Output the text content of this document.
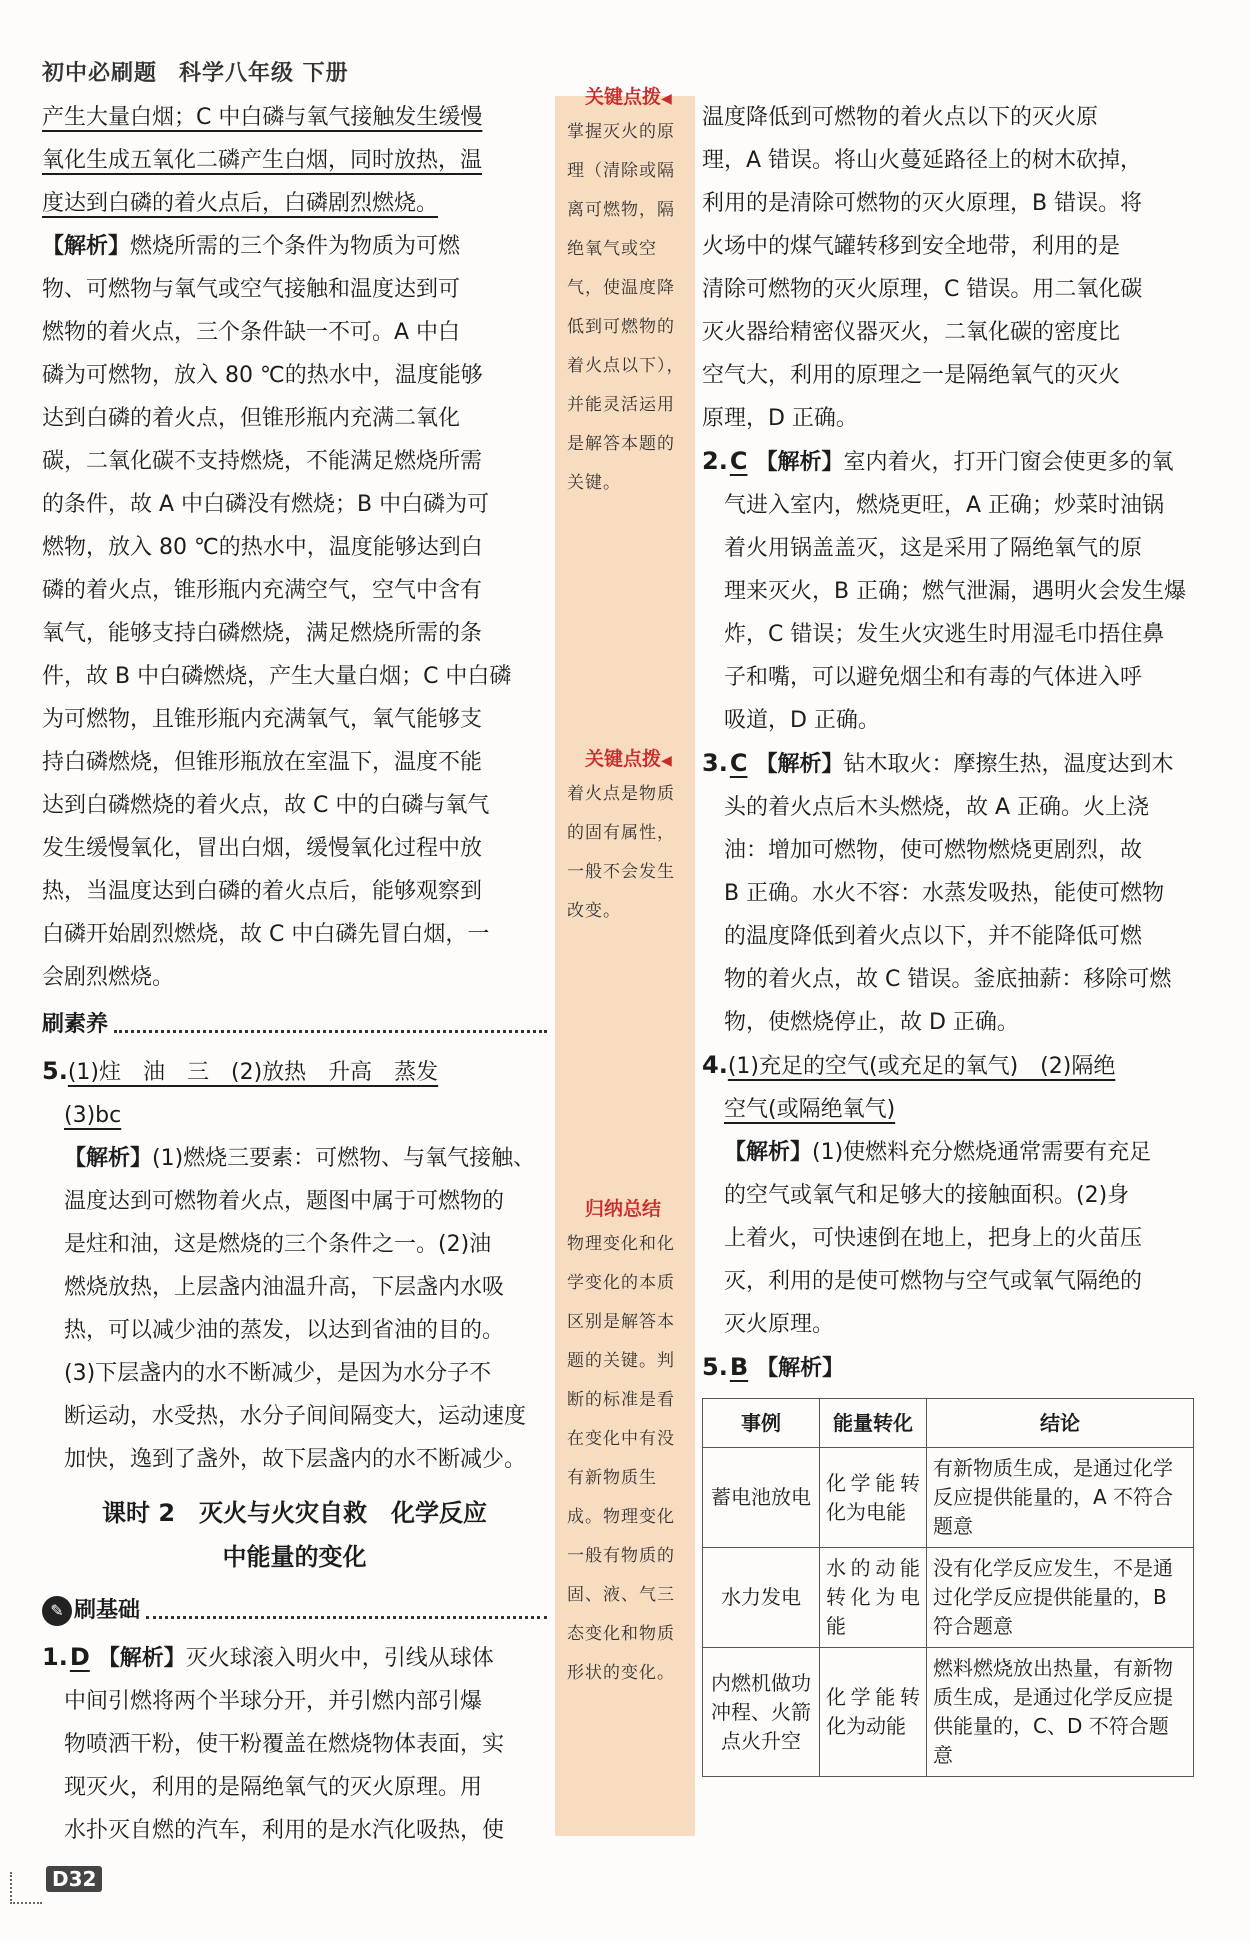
初中必刷题 科学八年级 下册
产生大量白烟；C 中白磷与氧气接触发生缓慢
氧化生成五氧化二磷产生白烟，同时放热，温
度达到白磷的着火点后，白磷剧烈燃烧。
【解析】燃烧所需的三个条件为物质为可燃
物、可燃物与氧气或空气接触和温度达到可
燃物的着火点，三个条件缺一不可。A 中白
磷为可燃物，放入 80 ℃的热水中，温度能够
达到白磷的着火点，但锥形瓶内充满二氧化
碳，二氧化碳不支持燃烧，不能满足燃烧所需
的条件，故 A 中白磷没有燃烧；B 中白磷为可
燃物，放入 80 ℃的热水中，温度能够达到白
磷的着火点，锥形瓶内充满空气，空气中含有
氧气，能够支持白磷燃烧，满足燃烧所需的条
件，故 B 中白磷燃烧，产生大量白烟；C 中白磷
为可燃物，且锥形瓶内充满氧气，氧气能够支
持白磷燃烧，但锥形瓶放在室温下，温度不能
达到白磷燃烧的着火点，故 C 中的白磷与氧气
发生缓慢氧化，冒出白烟，缓慢氧化过程中放
热，当温度达到白磷的着火点后，能够观察到
白磷开始剧烈燃烧，故 C 中白磷先冒白烟，一
会剧烈燃烧。
刷素养
5.(1)炷　油　三　(2)放热　升高　蒸发
(3)bc
【解析】(1)燃烧三要素：可燃物、与氧气接触、
温度达到可燃物着火点，题图中属于可燃物的
是炷和油，这是燃烧的三个条件之一。(2)油
燃烧放热，上层盏内油温升高，下层盏内水吸
热，可以减少油的蒸发，以达到省油的目的。
(3)下层盏内的水不断减少，是因为水分子不
断运动，水受热，水分子间间隔变大，运动速度
加快，逸到了盏外，故下层盏内的水不断减少。
课时 2　灭火与火灾自救　化学反应
中能量的变化
✎ 刷基础
1.D 【解析】灭火球滚入明火中，引线从球体
中间引燃将两个半球分开，并引燃内部引爆
物喷洒干粉，使干粉覆盖在燃烧物体表面，实
现灭火，利用的是隔绝氧气的灭火原理。用
水扑灭自燃的汽车，利用的是水汽化吸热，使
关键点拨◀
掌握灭火的原理（清除或隔离可燃物，隔绝氧气或空气，使温度降低到可燃物的着火点以下），并能灵活运用是解答本题的关键。
关键点拨◀
着火点是物质的固有属性，一般不会发生改变。
归纳总结
物理变化和化学变化的本质区别是解答本题的关键。判断的标准是看在变化中有没有新物质生成。物理变化一般有物质的固、液、气三态变化和物质形状的变化。
温度降低到可燃物的着火点以下的灭火原
理，A 错误。将山火蔓延路径上的树木砍掉，
利用的是清除可燃物的灭火原理，B 错误。将
火场中的煤气罐转移到安全地带，利用的是
清除可燃物的灭火原理，C 错误。用二氧化碳
灭火器给精密仪器灭火，二氧化碳的密度比
空气大，利用的原理之一是隔绝氧气的灭火
原理，D 正确。
2.C 【解析】室内着火，打开门窗会使更多的氧
气进入室内，燃烧更旺，A 正确；炒菜时油锅
着火用锅盖盖灭，这是采用了隔绝氧气的原
理来灭火，B 正确；燃气泄漏，遇明火会发生爆
炸，C 错误；发生火灾逃生时用湿毛巾捂住鼻
子和嘴，可以避免烟尘和有毒的气体进入呼
吸道，D 正确。
3.C 【解析】钻木取火：摩擦生热，温度达到木
头的着火点后木头燃烧，故 A 正确。火上浇
油：增加可燃物，使可燃物燃烧更剧烈，故
B 正确。水火不容：水蒸发吸热，能使可燃物
的温度降低到着火点以下，并不能降低可燃
物的着火点，故 C 错误。釜底抽薪：移除可燃
物，使燃烧停止，故 D 正确。
4.(1)充足的空气(或充足的氧气)　(2)隔绝
空气(或隔绝氧气)
【解析】(1)使燃料充分燃烧通常需要有充足
的空气或氧气和足够大的接触面积。(2)身
上着火，可快速倒在地上，把身上的火苗压
灭，利用的是使可燃物与空气或氧气隔绝的
灭火原理。
5.B 【解析】
事例	能量转化	结论
蓄电池放电	化学能转化为电能	有新物质生成，是通过化学反应提供能量的，A 不符合题意
水力发电	水的动能转化为电能	没有化学反应发生，不是通过化学反应提供能量的，B 符合题意
内燃机做功冲程、火箭点火升空	化学能转化为动能	燃料燃烧放出热量，有新物质生成，是通过化学反应提供能量的，C、D 不符合题意
D32
